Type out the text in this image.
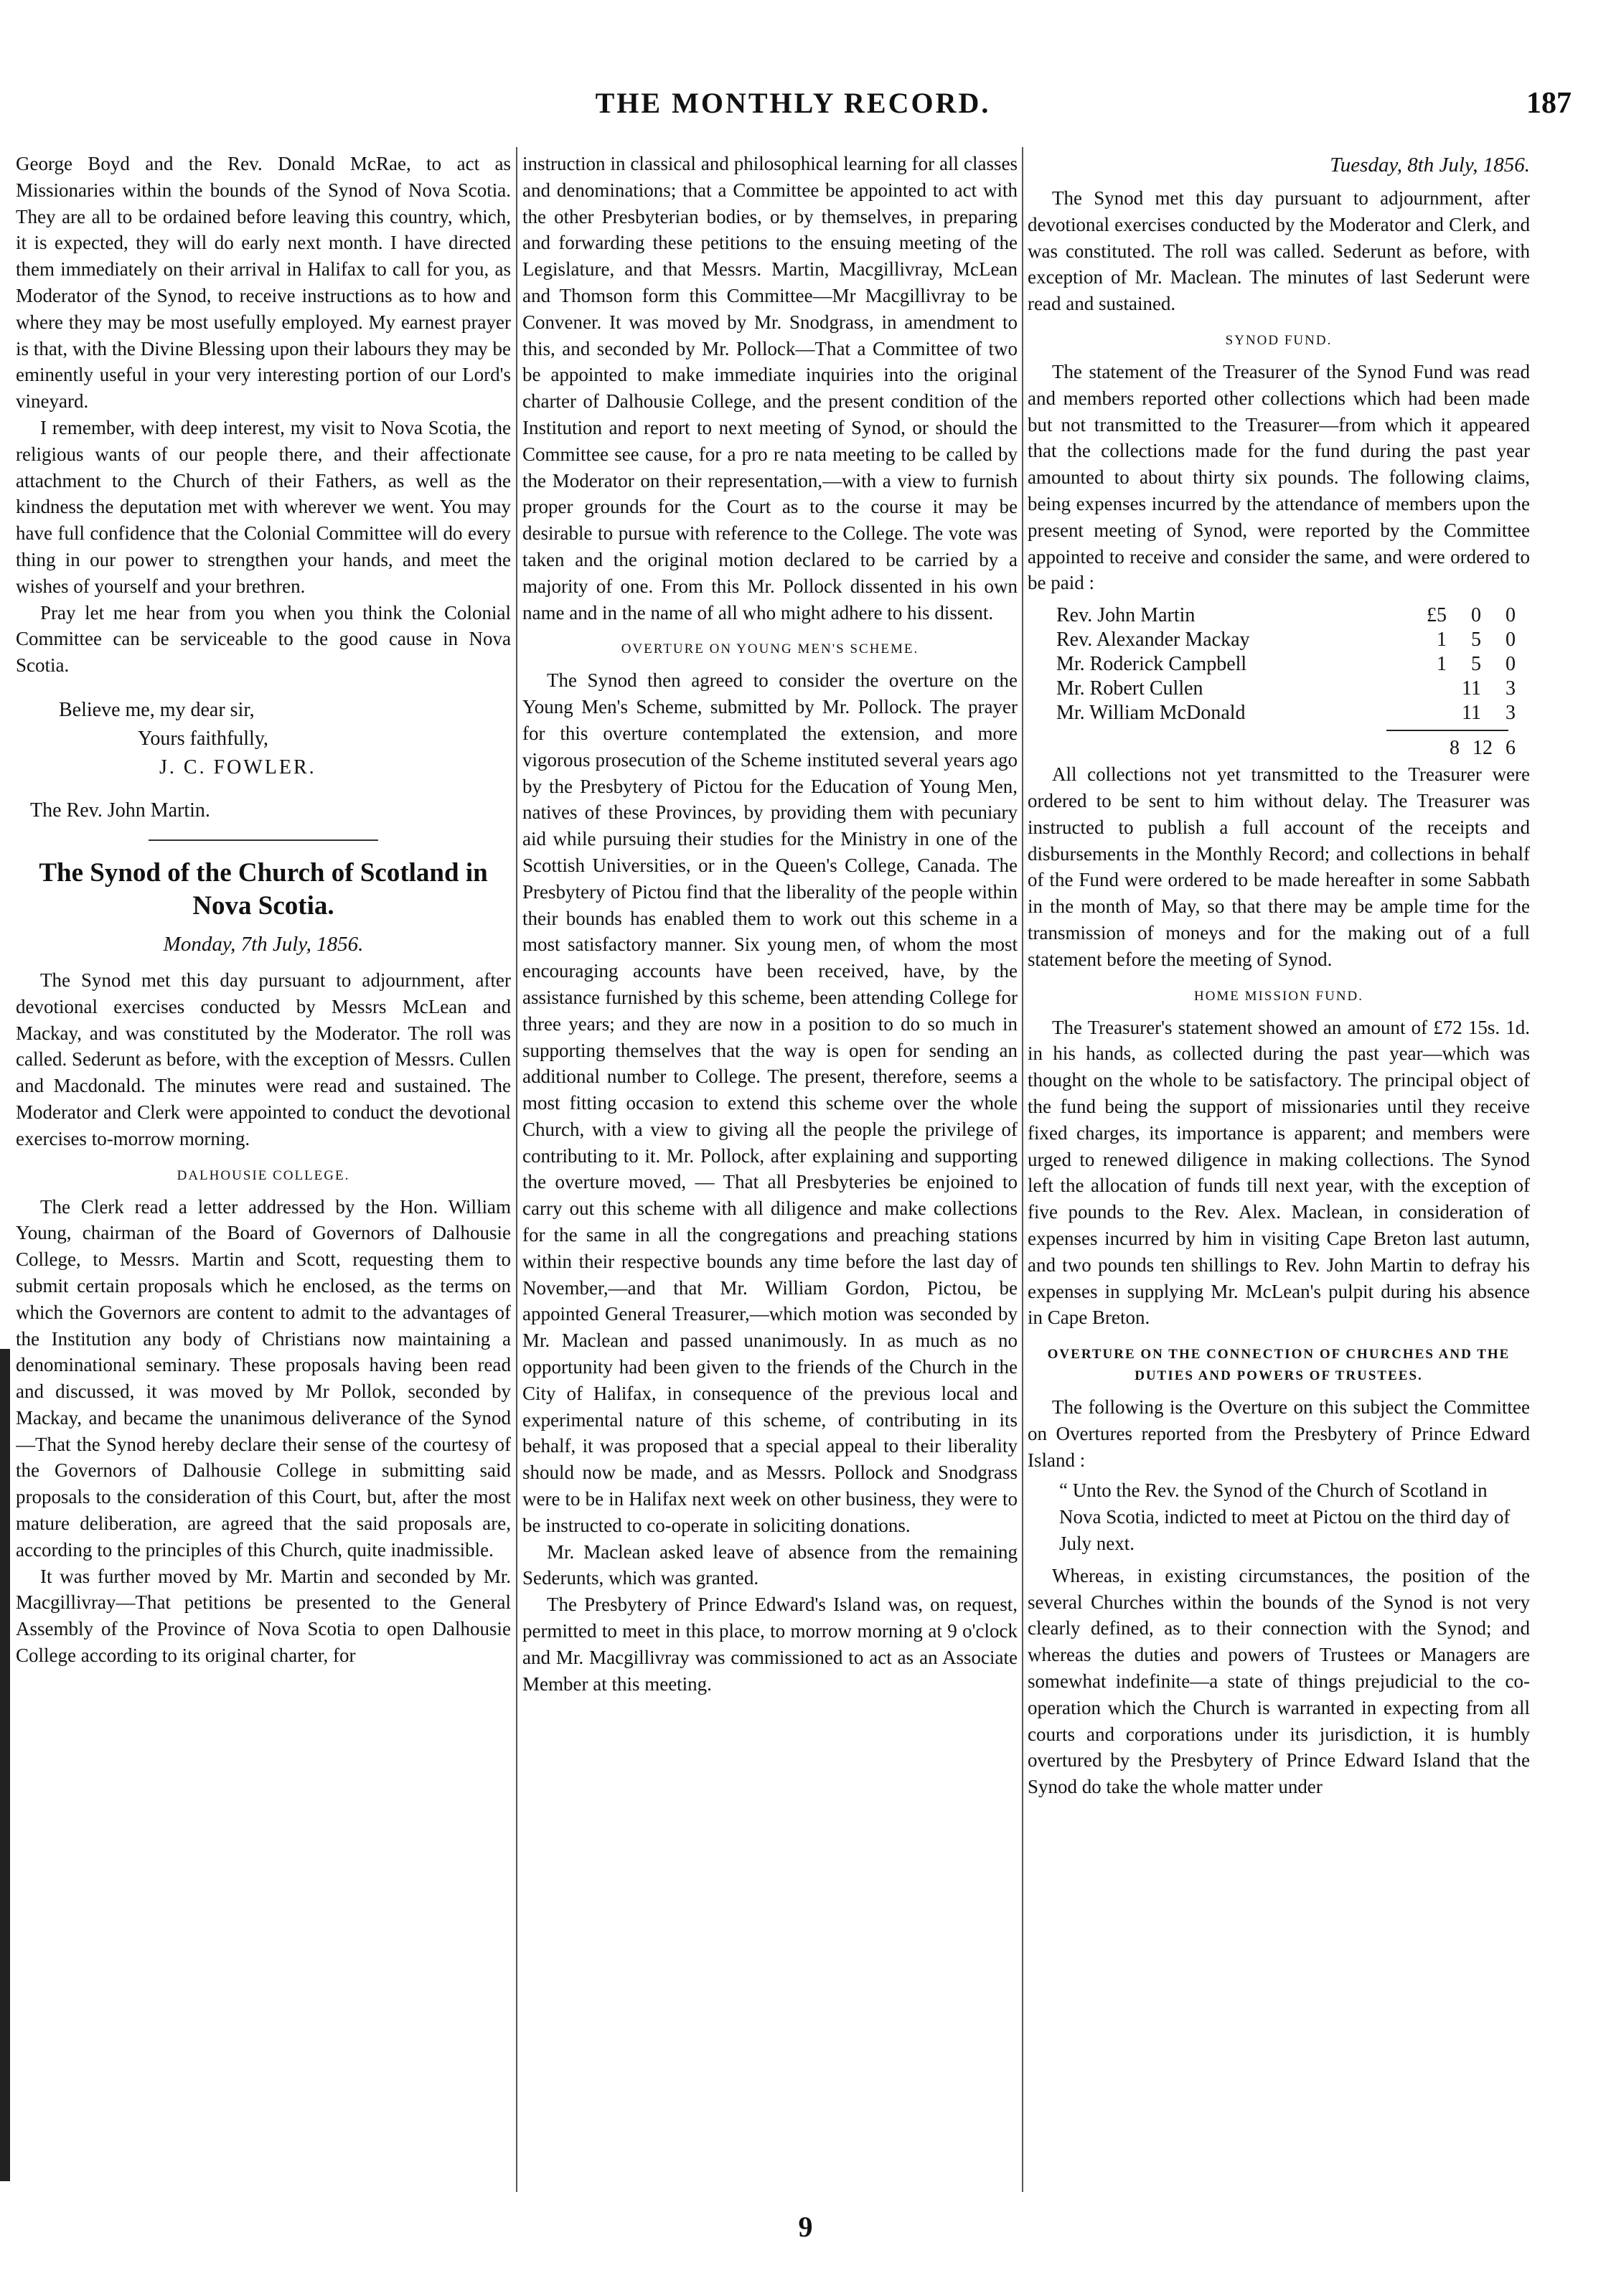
THE MONTHLY RECORD.	187

George Boyd and the Rev. Donald McRae, to act as Missionaries within the bounds of the Synod of Nova Scotia. They are all to be ordained before leaving this country, which, it is expected, they will do early next month. I have directed them immediately on their arrival in Halifax to call for you, as Moderator of the Synod, to receive instructions as to how and where they may be most usefully employed. My earnest prayer is that, with the Divine Blessing upon their labours they may be eminently useful in your very interesting portion of our Lord's vineyard.

I remember, with deep interest, my visit to Nova Scotia, the religious wants of our people there, and their affectionate attachment to the Church of their Fathers, as well as the kindness the deputation met with wherever we went. You may have full confidence that the Colonial Committee will do every thing in our power to strengthen your hands, and meet the wishes of yourself and your brethren.

Pray let me hear from you when you think the Colonial Committee can be serviceable to the good cause in Nova Scotia.

Believe me, my dear sir,
Yours faithfully,
J. C. FOWLER.
The Rev. John Martin.
The Synod of the Church of Scotland in Nova Scotia.
Monday, 7th July, 1856.

The Synod met this day pursuant to adjournment, after devotional exercises conducted by Messrs McLean and Mackay, and was constituted by the Moderator. The roll was called. Sederunt as before, with the exception of Messrs. Cullen and Macdonald. The minutes were read and sustained. The Moderator and Clerk were appointed to conduct the devotional exercises to-morrow morning.

DALHOUSIE COLLEGE.

The Clerk read a letter addressed by the Hon. William Young, chairman of the Board of Governors of Dalhousie College, to Messrs. Martin and Scott, requesting them to submit certain proposals which he enclosed, as the terms on which the Governors are content to admit to the advantages of the Institution any body of Christians now maintaining a denominational seminary. These proposals having been read and discussed, it was moved by Mr Pollok, seconded by Mackay, and became the unanimous deliverance of the Synod—That the Synod hereby declare their sense of the courtesy of the Governors of Dalhousie College in submitting said proposals to the consideration of this Court, but, after the most mature deliberation, are agreed that the said proposals are, according to the principles of this Church, quite inadmissible.

It was further moved by Mr. Martin and seconded by Mr. Macgillivray—That petitions be presented to the General Assembly of the Province of Nova Scotia to open Dalhousie College according to its original charter, for

instruction in classical and philosophical learning for all classes and denominations; that a Committee be appointed to act with the other Presbyterian bodies, or by themselves, in preparing and forwarding these petitions to the ensuing meeting of the Legislature, and that Messrs. Martin, Macgillivray, McLean and Thomson form this Committee—Mr Macgillivray to be Convener. It was moved by Mr. Snodgrass, in amendment to this, and seconded by Mr. Pollock—That a Committee of two be appointed to make immediate inquiries into the original charter of Dalhousie College, and the present condition of the Institution and report to next meeting of Synod, or should the Committee see cause, for a pro re nata meeting to be called by the Moderator on their representation,—with a view to furnish proper grounds for the Court as to the course it may be desirable to pursue with reference to the College. The vote was taken and the original motion declared to be carried by a majority of one. From this Mr. Pollock dissented in his own name and in the name of all who might adhere to his dissent.

OVERTURE ON YOUNG MEN'S SCHEME.

The Synod then agreed to consider the overture on the Young Men's Scheme, submitted by Mr. Pollock. The prayer for this overture contemplated the extension, and more vigorous prosecution of the Scheme instituted several years ago by the Presbytery of Pictou for the Education of Young Men, natives of these Provinces, by providing them with pecuniary aid while pursuing their studies for the Ministry in one of the Scottish Universities, or in the Queen's College, Canada. The Presbytery of Pictou find that the liberality of the people within their bounds has enabled them to work out this scheme in a most satisfactory manner. Six young men, of whom the most encouraging accounts have been received, have, by the assistance furnished by this scheme, been attending College for three years; and they are now in a position to do so much in supporting themselves that the way is open for sending an additional number to College. The present, therefore, seems a most fitting occasion to extend this scheme over the whole Church, with a view to giving all the people the privilege of contributing to it. Mr. Pollock, after explaining and supporting the overture moved, — That all Presbyteries be enjoined to carry out this scheme with all diligence and make collections for the same in all the congregations and preaching stations within their respective bounds any time before the last day of November,—and that Mr. William Gordon, Pictou, be appointed General Treasurer,—which motion was seconded by Mr. Maclean and passed unanimously. In as much as no opportunity had been given to the friends of the Church in the City of Halifax, in consequence of the previous local and experimental nature of this scheme, of contributing in its behalf, it was proposed that a special appeal to their liberality should now be made, and as Messrs. Pollock and Snodgrass were to be in Halifax next week on other business, they were to be instructed to co-operate in soliciting donations.

Mr. Maclean asked leave of absence from the remaining Sederunts, which was granted.

The Presbytery of Prince Edward's Island was, on request, permitted to meet in this place, to morrow morning at 9 o'clock and Mr. Macgillivray was commissioned to act as an Associate Member at this meeting.

Tuesday, 8th July, 1856.

The Synod met this day pursuant to adjournment, after devotional exercises conducted by the Moderator and Clerk, and was constituted. The roll was called. Sederunt as before, with exception of Mr. Maclean. The minutes of last Sederunt were read and sustained.

SYNOD FUND.

The statement of the Treasurer of the Synod Fund was read and members reported other collections which had been made but not transmitted to the Treasurer—from which it appeared that the collections made for the fund during the past year amounted to about thirty six pounds. The following claims, being expenses incurred by the attendance of members upon the present meeting of Synod, were reported by the Committee appointed to receive and consider the same, and were ordered to be paid :

Rev. John Martin	£5	0	0
Rev. Alexander Mackay	1	5	0
Mr. Roderick Campbell	1	5	0
Mr. Robert Cullen		11	3
Mr. William McDonald		11	3
8 12 6

All collections not yet transmitted to the Treasurer were ordered to be sent to him without delay. The Treasurer was instructed to publish a full account of the receipts and disbursements in the Monthly Record; and collections in behalf of the Fund were ordered to be made hereafter in some Sabbath in the month of May, so that there may be ample time for the transmission of moneys and for the making out of a full statement before the meeting of Synod.

HOME MISSION FUND.

The Treasurer's statement showed an amount of £72 15s. 1d. in his hands, as collected during the past year—which was thought on the whole to be satisfactory. The principal object of the fund being the support of missionaries until they receive fixed charges, its importance is apparent; and members were urged to renewed diligence in making collections. The Synod left the allocation of funds till next year, with the exception of five pounds to the Rev. Alex. Maclean, in consideration of expenses incurred by him in visiting Cape Breton last autumn, and two pounds ten shillings to Rev. John Martin to defray his expenses in supplying Mr. McLean's pulpit during his absence in Cape Breton.

OVERTURE ON THE CONNECTION OF CHURCHES AND THE DUTIES AND POWERS OF TRUSTEES.

The following is the Overture on this subject the Committee on Overtures reported from the Presbytery of Prince Edward Island :

“ Unto the Rev. the Synod of the Church of Scotland in Nova Scotia, indicted to meet at Pictou on the third day of July next.

Whereas, in existing circumstances, the position of the several Churches within the bounds of the Synod is not very clearly defined, as to their connection with the Synod; and whereas the duties and powers of Trustees or Managers are somewhat indefinite—a state of things prejudicial to the co-operation which the Church is warranted in expecting from all courts and corporations under its jurisdiction, it is humbly overtured by the Presbytery of Prince Edward Island that the Synod do take the whole matter under

9
